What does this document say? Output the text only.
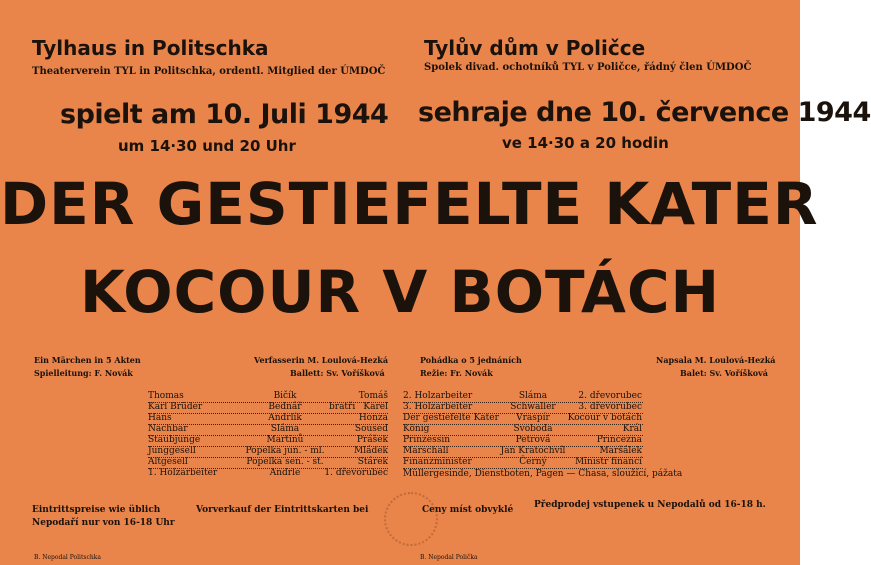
Tylhaus in Politschka
Theaterverein TYL in Politschka, ordentl. Mitglied der ÚMDOČ
spielt am 10. Juli 1944
um 14·30 und 20 Uhr
Tylův dům v Poličce
Spolek divad. ochotníků TYL v Poličce, řádný člen ÚMDOČ
sehraje dne 10. července 1944
ve 14·30 a 20 hodin
DER GESTIEFELTE KATER
KOCOUR V BOTÁCH
Ein Märchen in 5 Akten
Spielleitung: F. Novák
Verfasserin M. Loulová-Hezká
Ballett: Sv. Voříšková
Pohádka o 5 jednáních
Režie: Fr. Novák
Napsala M. Loulová-Hezká
Balet: Sv. Voříšková
Thomas
Karl Brüder
Hans
Nachbar
Staubjunge
Junggesell
Altgesell
1. Holzarbeiter
Bičík
Bednář
Andrlík
Sláma
Martinů
Popelka jun. - ml.
Popelka sen. - st.
Andrle
bratři
Tomáš
Karel
Honza
Soused
Prášek
Mládek
Stárek
1. dřevorubec
2. Holzarbeiter
3. Holzarbeiter
Der gestiefelte Kater
König
Prinzessin
Marschall
Finanzminister
Sláma
Schwaller
Vraspír
Svoboda
Petrová
Jan Kratochvíl
Černý
2. dřevorubec
3. dřevorubec
Kocour v botách
Král
Princezna
Maršálek
Ministr financí
Müllergesinde, Dienstboten, Pagen — Chasa, sloužící, pážata
Eintrittspreise wie üblich
Nepodaří nur von 16-18 Uhr
Vorverkauf der Eintrittskarten bei	Ceny míst obvyklé Předprodej vstupenek u Nepodalů od 16-18 h.
B. Nepodal Politschka	B. Nepodal Polička
